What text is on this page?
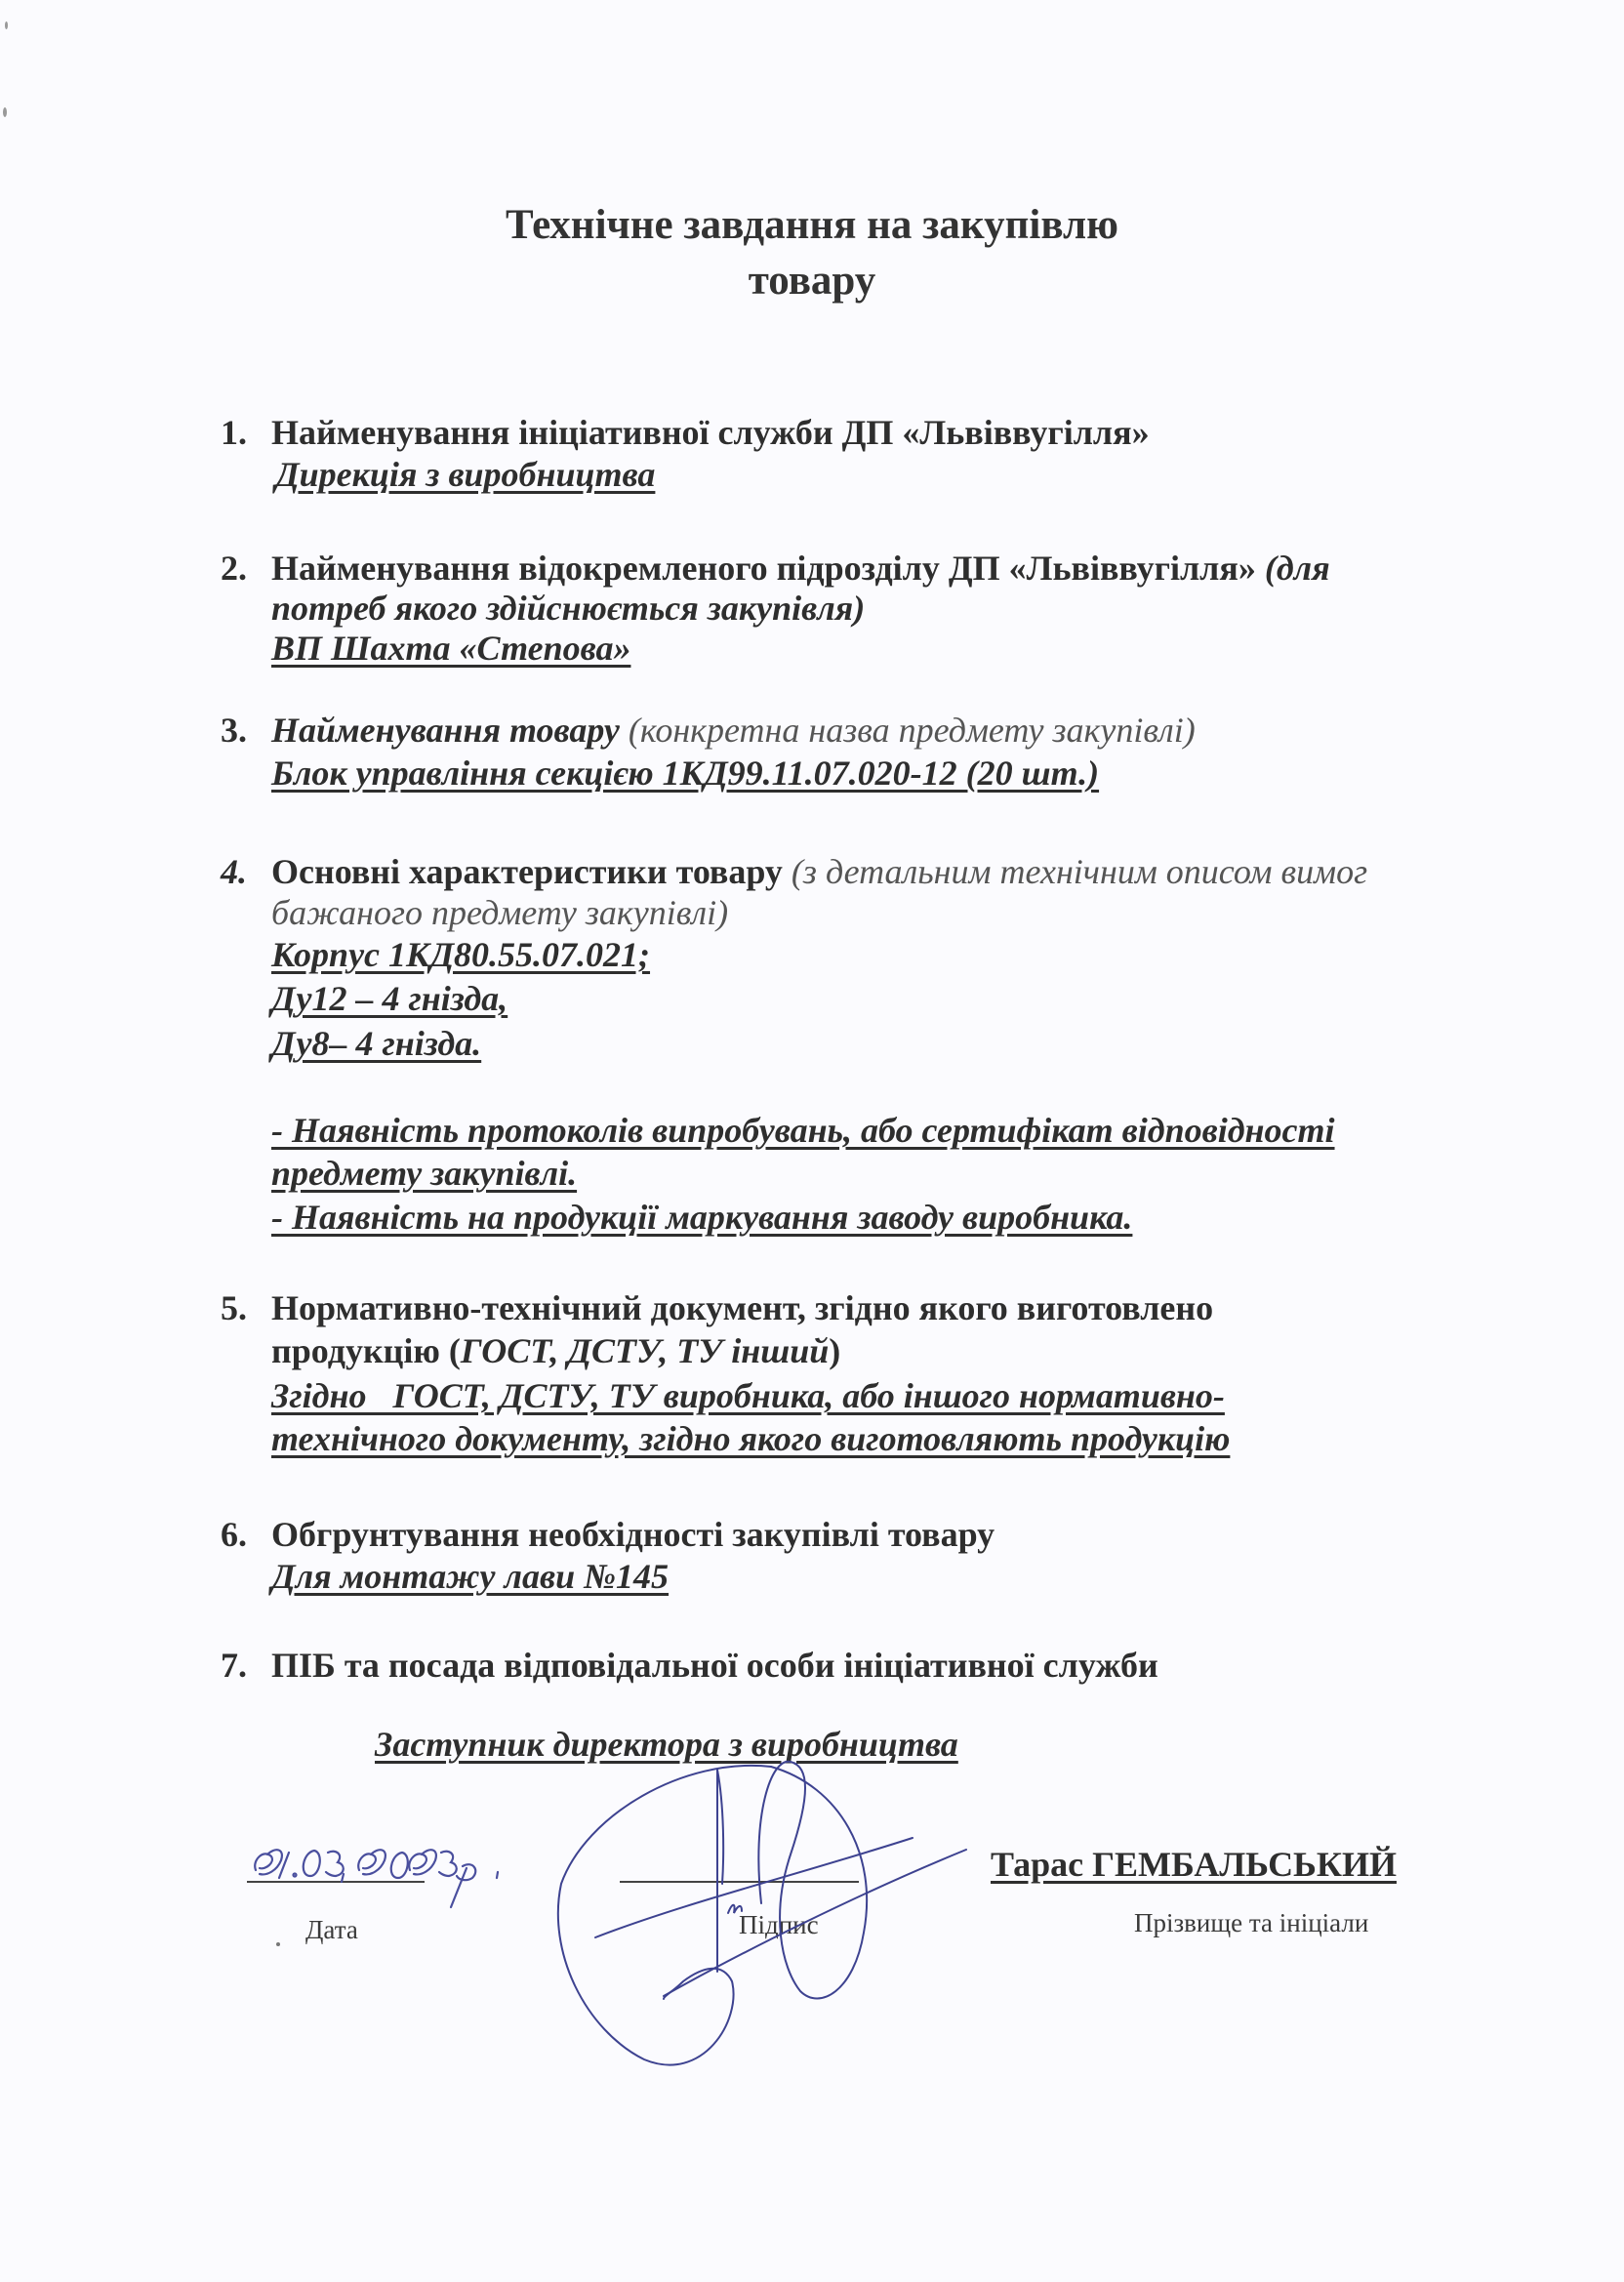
Технічне завдання на закупівлю
товару
1. Найменування ініціативної служби ДП «Львіввугілля»
Дирекція з виробництва
2. Найменування відокремленого підрозділу ДП «Львіввугілля» (для
потреб якого здійснюється закупівля)
ВП Шахта «Степова»
3. Найменування товару (конкретна назва предмету закупівлі)
Блок управління секцією 1КД99.11.07.020-12 (20 шт.)
4. Основні характеристики товару (з детальним технічним описом вимог
бажаного предмету закупівлі)
Корпус 1КД80.55.07.021;
Ду12 – 4 гнізда,
Ду8– 4 гнізда.
- Наявність протоколів випробувань, або сертифікат відповідності
предмету закупівлі.
- Наявність на продукції маркування заводу виробника.
5. Нормативно-технічний документ, згідно якого виготовлено
продукцію (ГОСТ, ДСТУ, ТУ інший)
Згідно   ГОСТ, ДСТУ, ТУ виробника, або іншого нормативно-
технічного документу, згідно якого виготовляють продукцію
6. Обгрунтування необхідності закупівлі товару
Для монтажу лави №145
7. ПІБ та посада відповідальної особи ініціативної служби
Заступник директора з виробництва
Тарас ГЕМБАЛЬСЬКИЙ
Дата	Підпис	Прізвище та ініціали
